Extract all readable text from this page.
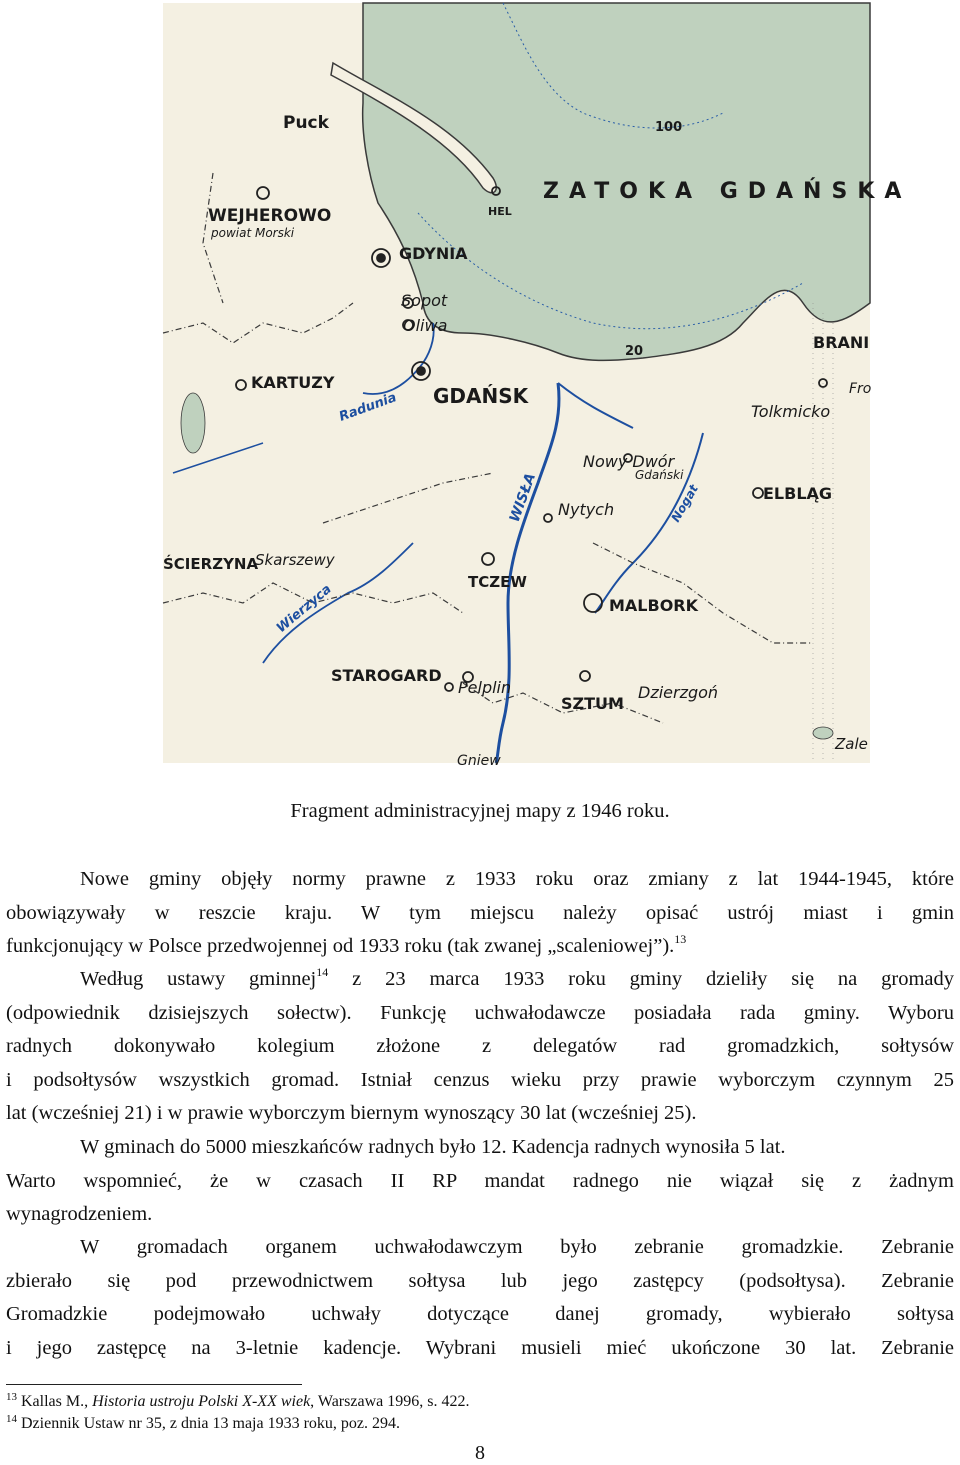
Puck
WEJHEROWO
powiat Morski
HEL
GDYNIA
Sopot
Oliwa
KARTUZY
Radunia GDAŃSK
ZATOKA GDAŃSKA
100
20	BRANI
Fro
Tolkmicko
Nowy Dwór
Gdański
ELBLĄG
Nogat
WISŁA Nytych
ŚCIERZYNA
Skarszewy
TCZEW
MALBORK
Wierzyca
STAROGARD
Pelplin
SZTUM
Dzierzgoń
Zale
Gniew
Fragment administracyjnej mapy z 1946 roku.
Nowe gminy objęły normy prawne z 1933 roku oraz zmiany z lat 1944-1945, które
obowiązywały w reszcie kraju. W tym miejscu należy opisać ustrój miast i gmin
funkcjonujący w Polsce przedwojennej od 1933 roku (tak zwanej „scaleniowej”).$^{13}$
Według ustawy gminnej$^{14}$ z 23 marca 1933 roku gminy dzieliły się na gromady
(odpowiednik dzisiejszych sołectw). Funkcję uchwałodawcze posiadała rada gminy. Wyboru
radnych dokonywało kolegium złożone z delegatów rad gromadzkich, sołtysów
i podsołtysów wszystkich gromad. Istniał cenzus wieku przy prawie wyborczym czynnym 25
lat (wcześniej 21) i w prawie wyborczym biernym wynoszący 30 lat (wcześniej 25).
W gminach do 5000 mieszkańców radnych było 12. Kadencja radnych wynosiła 5 lat.
Warto wspomnieć, że w czasach II RP mandat radnego nie wiązał się z żadnym
wynagrodzeniem.
W gromadach organem uchwałodawczym było zebranie gromadzkie. Zebranie
zbierało się pod przewodnictwem sołtysa lub jego zastępcy (podsołtysa). Zebranie
Gromadzkie podejmowało uchwały dotyczące danej gromady, wybierało sołtysa
i jego zastępcę na 3-letnie kadencje. Wybrani musieli mieć ukończone 30 lat. Zebranie
$^{13}$ Kallas M., Historia ustroju Polski X-XX wiek, Warszawa 1996, s. 422.
$^{14}$ Dziennik Ustaw nr 35, z dnia 13 maja 1933 roku, poz. 294.
8
